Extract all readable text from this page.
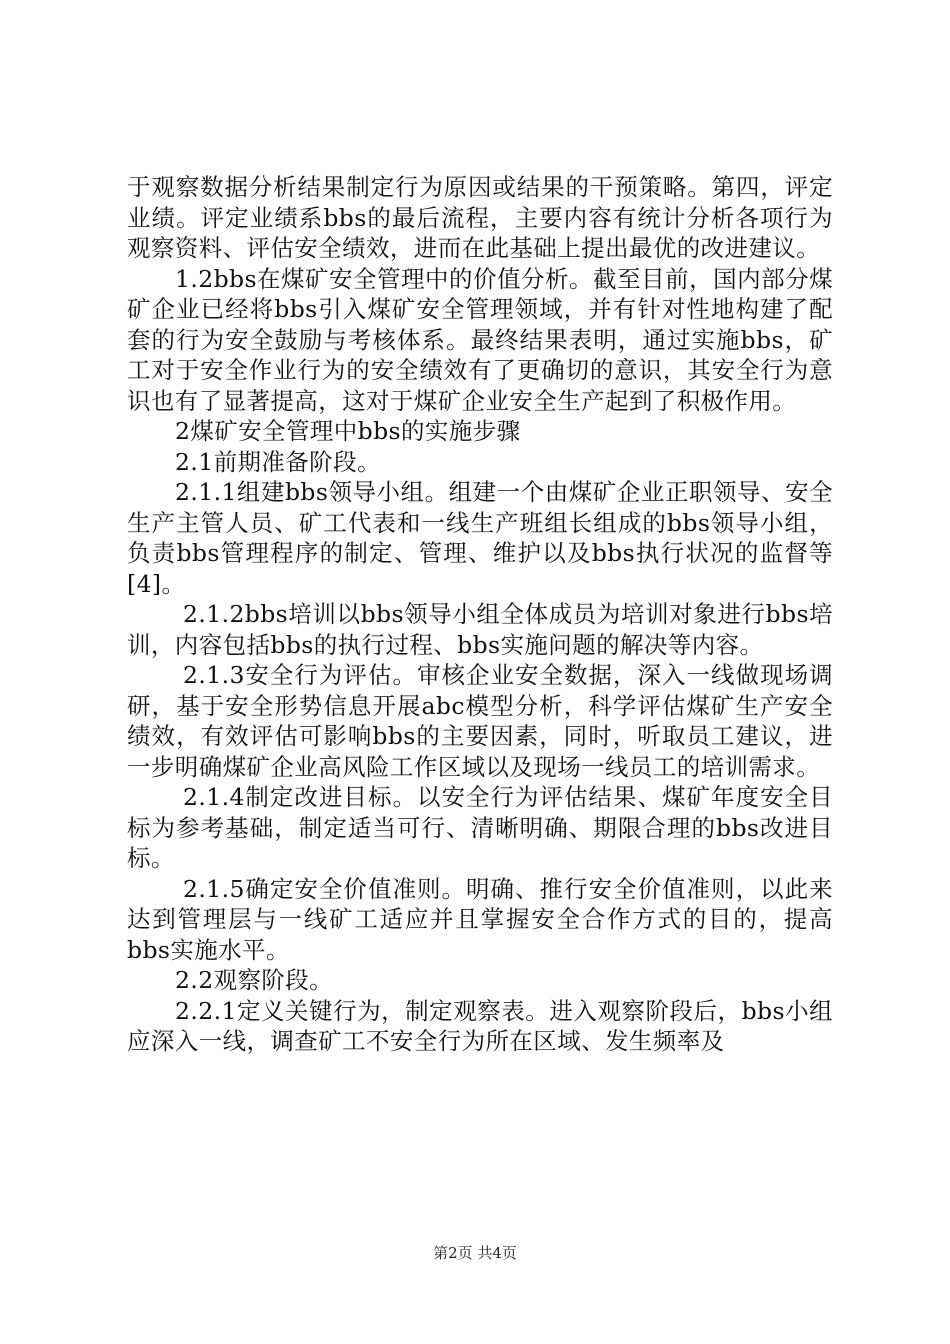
于观察数据分析结果制定行为原因或结果的干预策略。第四，评定业绩。评定业绩系bbs的最后流程，主要内容有统计分析各项行为观察资料、评估安全绩效，进而在此基础上提出最优的改进建议。

1.2bbs在煤矿安全管理中的价值分析。截至目前，国内部分煤矿企业已经将bbs引入煤矿安全管理领域，并有针对性地构建了配套的行为安全鼓励与考核体系。最终结果表明，通过实施bbs，矿工对于安全作业行为的安全绩效有了更确切的意识，其安全行为意识也有了显著提高，这对于煤矿企业安全生产起到了积极作用。

2煤矿安全管理中bbs的实施步骤

2.1前期准备阶段。

2.1.1组建bbs领导小组。组建一个由煤矿企业正职领导、安全生产主管人员、矿工代表和一线生产班组长组成的bbs领导小组，负责bbs管理程序的制定、管理、维护以及bbs执行状况的监督等[4]。

2.1.2bbs培训以bbs领导小组全体成员为培训对象进行bbs培训，内容包括bbs的执行过程、bbs实施问题的解决等内容。

2.1.3安全行为评估。审核企业安全数据，深入一线做现场调研，基于安全形势信息开展abc模型分析，科学评估煤矿生产安全绩效，有效评估可影响bbs的主要因素，同时，听取员工建议，进一步明确煤矿企业高风险工作区域以及现场一线员工的培训需求。

2.1.4制定改进目标。以安全行为评估结果、煤矿年度安全目标为参考基础，制定适当可行、清晰明确、期限合理的bbs改进目标。

2.1.5确定安全价值准则。明确、推行安全价值准则，以此来达到管理层与一线矿工适应并且掌握安全合作方式的目的，提高bbs实施水平。

2.2观察阶段。

2.2.1定义关键行为，制定观察表。进入观察阶段后，bbs小组应深入一线，调查矿工不安全行为所在区域、发生频率及

第2页 共4页
